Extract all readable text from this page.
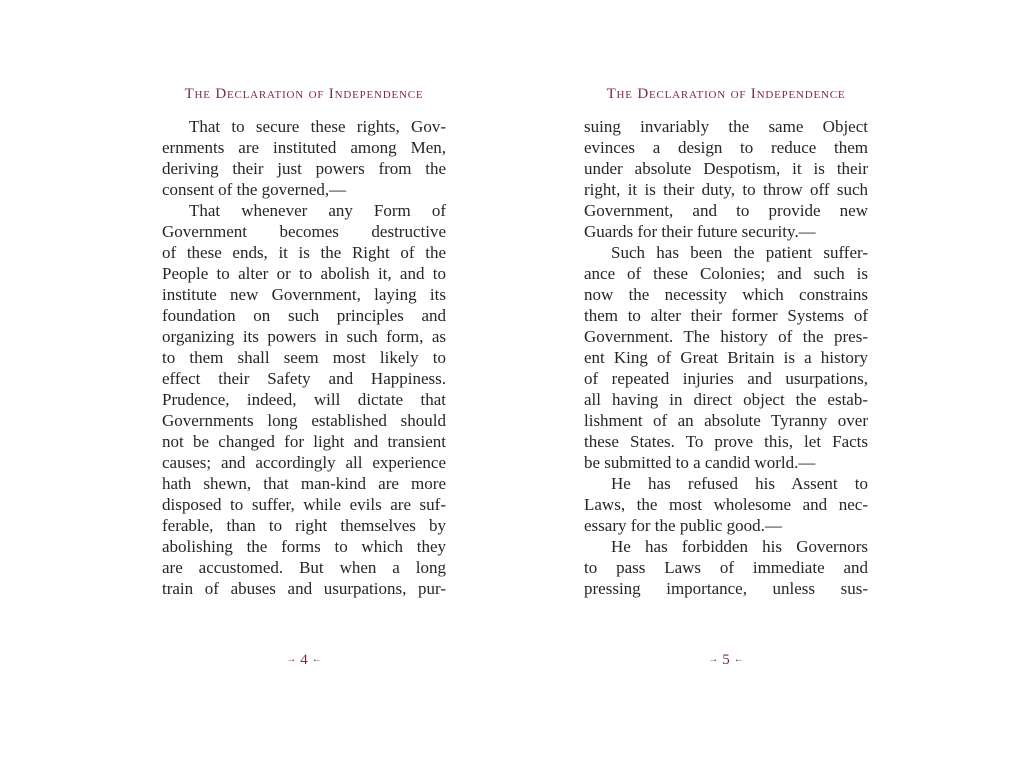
The Declaration of Independence
That to secure these rights, Gov-
ernments are instituted among Men,
deriving their just powers from the
consent of the governed,—
That whenever any Form of
Government becomes destructive
of these ends, it is the Right of the
People to alter or to abolish it, and to
institute new Government, laying its
foundation on such principles and
organizing its powers in such form, as
to them shall seem most likely to
effect their Safety and Happiness.
Prudence, indeed, will dictate that
Governments long established should
not be changed for light and transient
causes; and accordingly all experience
hath shewn, that man-kind are more
disposed to suffer, while evils are suf-
ferable, than to right themselves by
abolishing the forms to which they
are accustomed. But when a long
train of abuses and usurpations, pur-
→ 4 ←
The Declaration of Independence
suing invariably the same Object
evinces a design to reduce them
under absolute Despotism, it is their
right, it is their duty, to throw off such
Government, and to provide new
Guards for their future security.—
Such has been the patient suffer-
ance of these Colonies; and such is
now the necessity which constrains
them to alter their former Systems of
Government. The history of the pres-
ent King of Great Britain is a history
of repeated injuries and usurpations,
all having in direct object the estab-
lishment of an absolute Tyranny over
these States. To prove this, let Facts
be submitted to a candid world.—
He has refused his Assent to
Laws, the most wholesome and nec-
essary for the public good.—
He has forbidden his Governors
to pass Laws of immediate and
pressing importance, unless sus-
→ 5 ←
